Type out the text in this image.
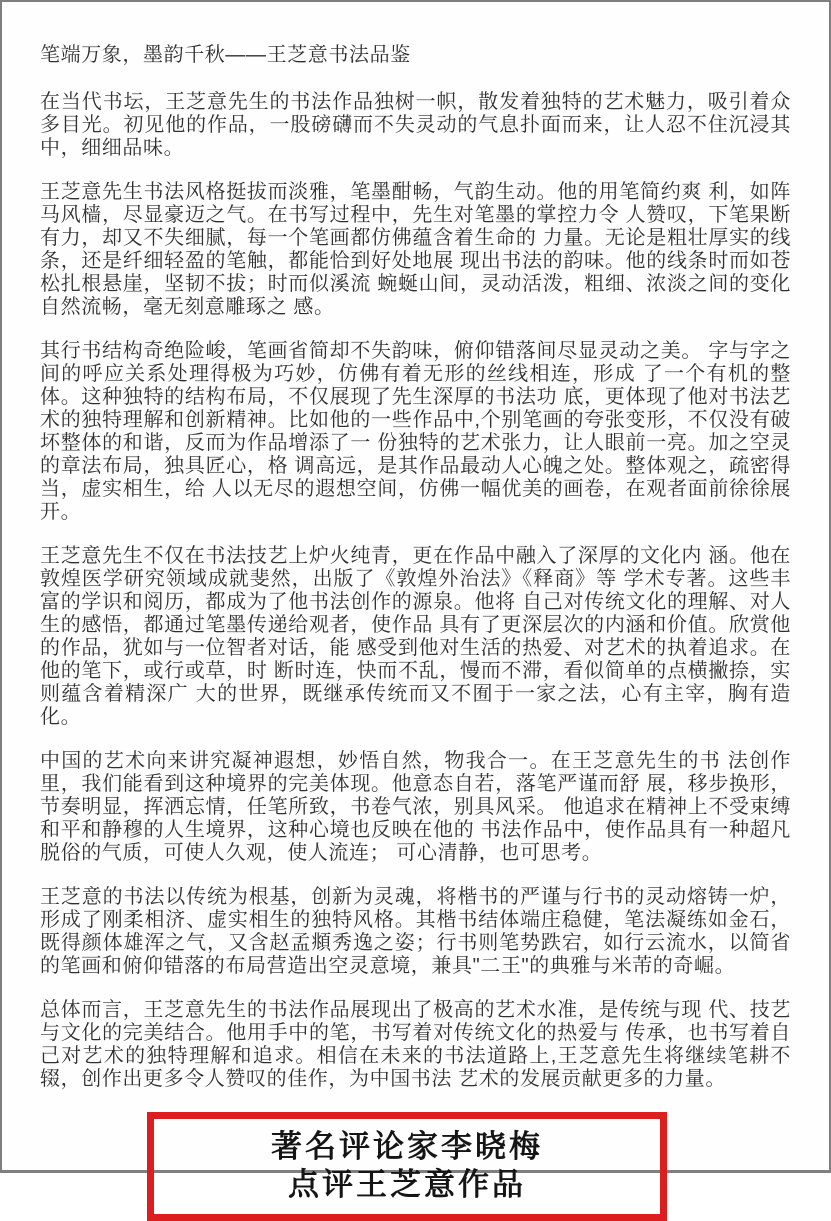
笔端万象，墨韵千秋——王芝意书法品鉴

在当代书坛，王芝意先生的书法作品独树一帜，散发着独特的艺术魅力，吸引着众多目光。初见他的作品，一股磅礴而不失灵动的气息扑面而来，让人忍不住沉浸其中，细细品味。

王芝意先生书法风格挺拔而淡雅，笔墨酣畅，气韵生动。他的用笔简约爽 利，如阵马风樯，尽显豪迈之气。在书写过程中，先生对笔墨的掌控力令 人赞叹，下笔果断有力，却又不失细腻，每一个笔画都仿佛蕴含着生命的 力量。无论是粗壮厚实的线条，还是纤细轻盈的笔触，都能恰到好处地展 现出书法的韵味。他的线条时而如苍松扎根悬崖，坚韧不拔；时而似溪流 蜿蜒山间，灵动活泼，粗细、浓淡之间的变化自然流畅，毫无刻意雕琢之 感。

其行书结构奇绝险峻，笔画省简却不失韵味，俯仰错落间尽显灵动之美。 字与字之间的呼应关系处理得极为巧妙，仿佛有着无形的丝线相连，形成 了一个有机的整体。这种独特的结构布局，不仅展现了先生深厚的书法功 底，更体现了他对书法艺术的独特理解和创新精神。比如他的一些作品中,个别笔画的夸张变形，不仅没有破坏整体的和谐，反而为作品增添了一 份独特的艺术张力，让人眼前一亮。加之空灵的章法布局，独具匠心，格 调高远，是其作品最动人心魄之处。整体观之，疏密得当，虚实相生，给 人以无尽的遐想空间，仿佛一幅优美的画卷，在观者面前徐徐展开。

王芝意先生不仅在书法技艺上炉火纯青，更在作品中融入了深厚的文化内 涵。他在敦煌医学研究领域成就斐然，出版了《敦煌外治法》《释商》等 学术专著。这些丰富的学识和阅历，都成为了他书法创作的源泉。他将 自己对传统文化的理解、对人生的感悟，都通过笔墨传递给观者，使作品 具有了更深层次的内涵和价值。欣赏他的作品，犹如与一位智者对话，能 感受到他对生活的热爱、对艺术的执着追求。在他的笔下，或行或草，时 断时连，快而不乱，慢而不滞，看似简单的点横撇捺，实则蕴含着精深广 大的世界，既继承传统而又不囿于一家之法，心有主宰，胸有造化。

中国的艺术向来讲究凝神遐想，妙悟自然，物我合一。在王芝意先生的书 法创作里，我们能看到这种境界的完美体现。他意态自若，落笔严谨而舒 展，移步换形，节奏明显，挥洒忘情，任笔所致，书卷气浓，别具风采。 他追求在精神上不受束缚和平和静穆的人生境界，这种心境也反映在他的 书法作品中，使作品具有一种超凡脱俗的气质，可使人久观，使人流连； 可心清静，也可思考。

王芝意的书法以传统为根基，创新为灵魂，将楷书的严谨与行书的灵动熔铸一炉，形成了刚柔相济、虚实相生的独特风格。其楷书结体端庄稳健，笔法凝练如金石，既得颜体雄浑之气，又含赵孟頫秀逸之姿；行书则笔势跌宕，如行云流水，以简省的笔画和俯仰错落的布局营造出空灵意境，兼具"二王"的典雅与米芾的奇崛。

总体而言，王芝意先生的书法作品展现出了极高的艺术水准，是传统与现 代、技艺与文化的完美结合。他用手中的笔，书写着对传统文化的热爱与 传承，也书写着自己对艺术的独特理解和追求。相信在未来的书法道路上,王芝意先生将继续笔耕不辍，创作出更多令人赞叹的佳作，为中国书法 艺术的发展贡献更多的力量。

著名评论家李晓梅
点评王芝意作品
